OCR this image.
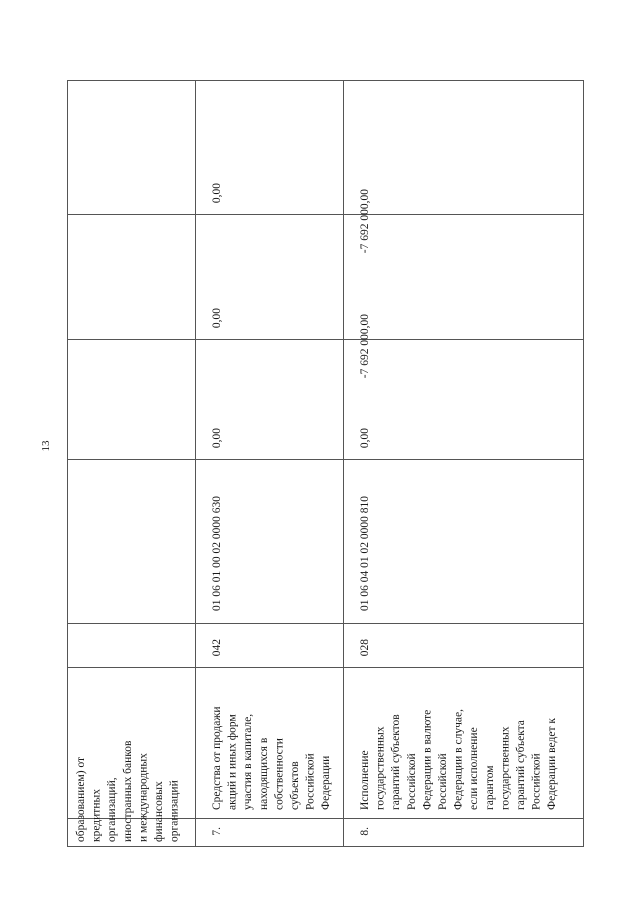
13
образованием) от кредитных организаций, иностранных банков и международных финансовых организаций	7.
Средства от продажи акций и иных форм участия в капитале, находящихся в собственности субъектов Российской Федерации
042
01 06 01 00 02 0000 630
0,00
0,00
0,00
8.
Исполнение государственных гарантий субъектов Российской Федерации в валюте Российской Федерации в случае, если исполнение гарантом государственных гарантий субъекта Российской Федерации ведет к
028
01 06 04 01 02 0000 810
0,00
-7 692 000,00
-7 692 000,00
